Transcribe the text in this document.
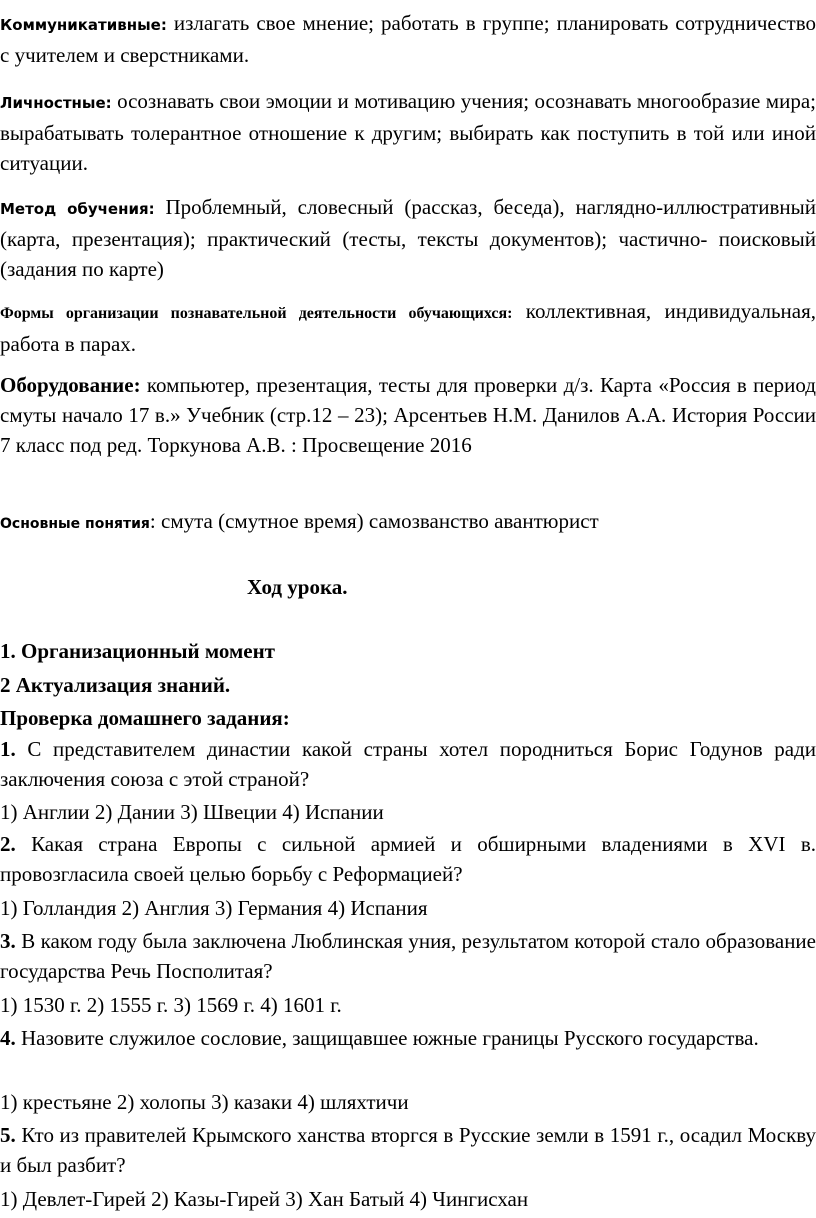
Коммуникативные: излагать свое мнение; работать в группе; планировать сотрудничество с учителем и сверстниками.
Личностные: осознавать свои эмоции и мотивацию учения; осознавать многообразие мира; вырабатывать толерантное отношение к другим; выбирать как поступить в той или иной ситуации.
Метод обучения: Проблемный, словесный (рассказ, беседа), наглядно-иллюстративный (карта, презентация); практический (тесты, тексты документов); частично- поисковый (задания по карте)
Формы организации познавательной деятельности обучающихся: коллективная, индивидуальная, работа в парах.
Оборудование: компьютер, презентация, тесты для проверки д/з. Карта «Россия в период смуты начало 17 в.» Учебник (стр.12 – 23); Арсентьев Н.М. Данилов А.А. История России 7 класс под ред. Торкунова А.В. : Просвещение 2016
Основные понятия: смута (смутное время) самозванство авантюрист
Ход урока.
1. Организационный момент
2 Актуализация знаний.
Проверка домашнего задания:
1. С представителем династии какой страны хотел породниться Борис Годунов ради заключения союза с этой страной?
1) Англии 2) Дании 3) Швеции 4) Испании
2. Какая страна Европы с сильной армией и обширными владениями в XVI в. провозгласила своей целью борьбу с Реформацией?
1) Голландия 2) Англия 3) Германия 4) Испания
3. В каком году была заключена Люблинская уния, результатом которой стало образование государства Речь Посполитая?
1) 1530 г. 2) 1555 г. 3) 1569 г. 4) 1601 г.
4. Назовите служилое сословие, защищавшее южные границы Русского государства.
1) крестьяне 2) холопы 3) казаки 4) шляхтичи
5. Кто из правителей Крымского ханства вторгся в Русские земли в 1591 г., осадил Москву и был разбит?
1) Девлет-Гирей 2) Казы-Гирей 3) Хан Батый 4) Чингисхан
